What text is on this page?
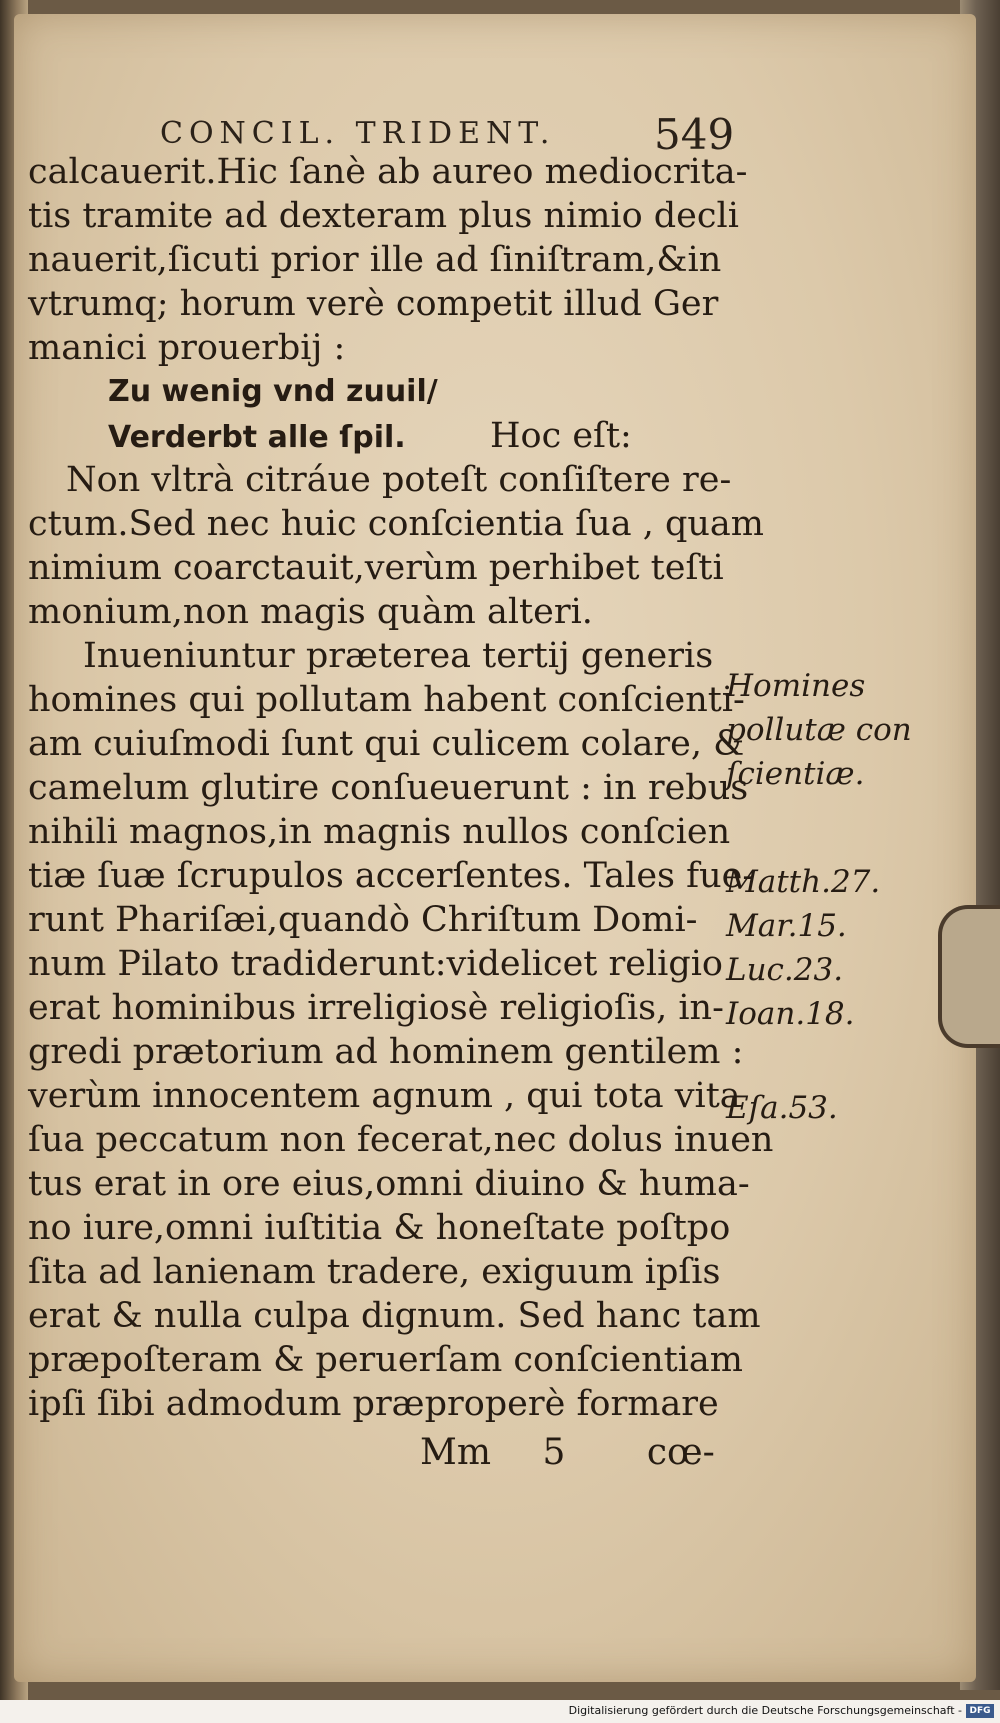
CONCIL. TRIDENT. 549
calcauerit.Hic ſanè ab aureo mediocrita-
tis tramite ad dexteram plus nimio decli
nauerit,ſicuti prior ille ad ſiniſtram,&in
vtrumq; horum verè competit illud Ger
manici prouerbij :
Zu wenig vnd zuuil/
Verderbt alle ſpil. Hoc eſt:
Non vltrà citráue poteſt conſiſtere re-
ctum.Sed nec huic conſcientia ſua , quam
nimium coarctauit,verùm perhibet teſti
monium,non magis quàm alteri.
Inueniuntur præterea tertij generis
homines qui pollutam habent conſcienti-
am cuiuſmodi ſunt qui culicem colare, &
camelum glutire conſueuerunt : in rebus
nihili magnos,in magnis nullos conſcien
tiæ ſuæ ſcrupulos accerſentes. Tales fue-
runt Phariſæi,quandò Chriſtum Domi-
num Pilato tradiderunt:videlicet religio
erat hominibus irreligiosè religioſis, in-
gredi prætorium ad hominem gentilem :
verùm innocentem agnum , qui tota vita
ſua peccatum non fecerat,nec dolus inuen
tus erat in ore eius,omni diuino & huma-
no iure,omni iuſtitia & honeſtate poſtpo
ſita ad lanienam tradere, exiguum ipſis
erat & nulla culpa dignum. Sed hanc tam
præpoſteram & peruerſam conſcientiam
ipſi ſibi admodum præproperè formare
Homines
pollutæ con
ſcientiæ.
Matth.27.
Mar.15.
Luc.23.
Ioan.18.
Eſa.53.
Mm 5 cœ-
Digitalisierung gefördert durch die Deutsche Forschungsgemeinschaft - DFG
